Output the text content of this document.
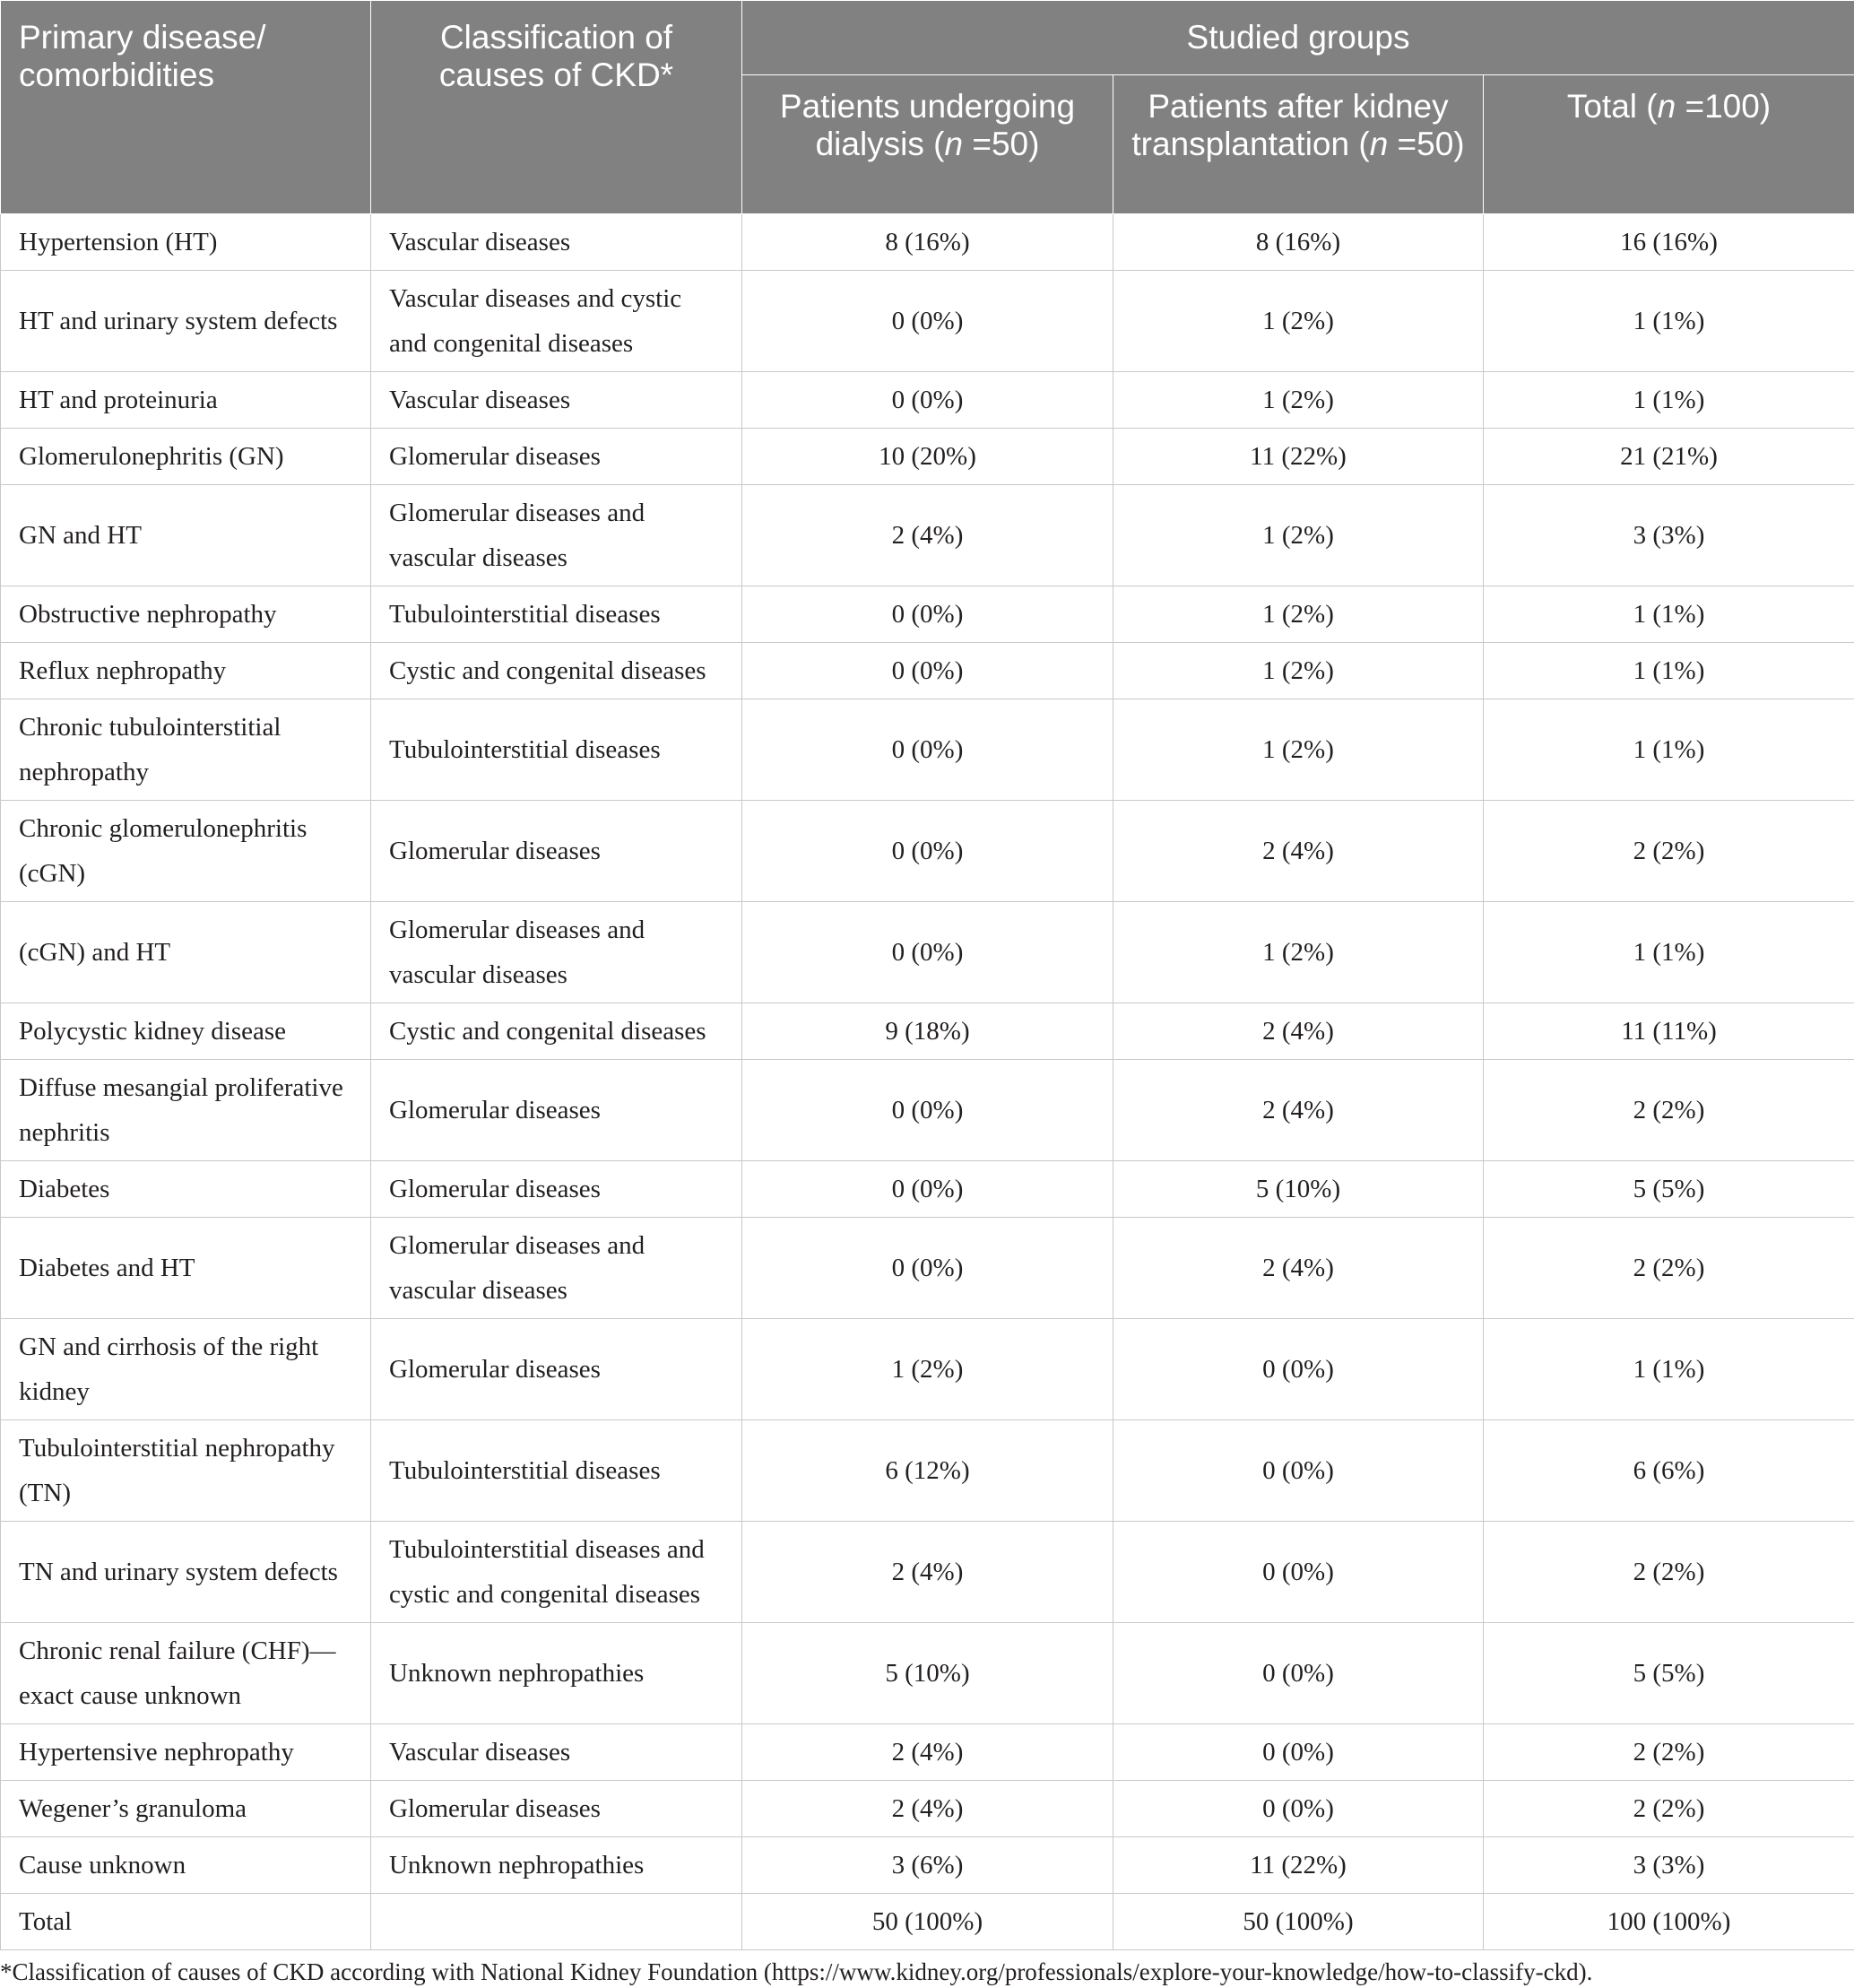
Primary disease/ comorbidities	Classification of causes of CKD*	Studied groups		
		Patients undergoing dialysis (n =50)	Patients after kidney transplantation (n =50)	Total (n =100)
Hypertension (HT)	Vascular diseases	8 (16%)	8 (16%)	16 (16%)
HT and urinary system defects	Vascular diseases and cystic and congenital diseases	0 (0%)	1 (2%)	1 (1%)
HT and proteinuria	Vascular diseases	0 (0%)	1 (2%)	1 (1%)
Glomerulonephritis (GN)	Glomerular diseases	10 (20%)	11 (22%)	21 (21%)
GN and HT	Glomerular diseases and vascular diseases	2 (4%)	1 (2%)	3 (3%)
Obstructive nephropathy	Tubulointerstitial diseases	0 (0%)	1 (2%)	1 (1%)
Reflux nephropathy	Cystic and congenital diseases	0 (0%)	1 (2%)	1 (1%)
Chronic tubulointerstitial nephropathy	Tubulointerstitial diseases	0 (0%)	1 (2%)	1 (1%)
Chronic glomerulonephritis (cGN)	Glomerular diseases	0 (0%)	2 (4%)	2 (2%)
(cGN) and HT	Glomerular diseases and vascular diseases	0 (0%)	1 (2%)	1 (1%)
Polycystic kidney disease	Cystic and congenital diseases	9 (18%)	2 (4%)	11 (11%)
Diffuse mesangial proliferative nephritis	Glomerular diseases	0 (0%)	2 (4%)	2 (2%)
Diabetes	Glomerular diseases	0 (0%)	5 (10%)	5 (5%)
Diabetes and HT	Glomerular diseases and vascular diseases	0 (0%)	2 (4%)	2 (2%)
GN and cirrhosis of the right kidney	Glomerular diseases	1 (2%)	0 (0%)	1 (1%)
Tubulointerstitial nephropathy (TN)	Tubulointerstitial diseases	6 (12%)	0 (0%)	6 (6%)
TN and urinary system defects	Tubulointerstitial diseases and cystic and congenital diseases	2 (4%)	0 (0%)	2 (2%)
Chronic renal failure (CHF)—exact cause unknown	Unknown nephropathies	5 (10%)	0 (0%)	5 (5%)
Hypertensive nephropathy	Vascular diseases	2 (4%)	0 (0%)	2 (2%)
Wegener’s granuloma	Glomerular diseases	2 (4%)	0 (0%)	2 (2%)
Cause unknown	Unknown nephropathies	3 (6%)	11 (22%)	3 (3%)
Total		50 (100%)	50 (100%)	100 (100%)

*Classification of causes of CKD according with National Kidney Foundation (https://www.kidney.org/professionals/explore-your-knowledge/how-to-classify-ckd).
